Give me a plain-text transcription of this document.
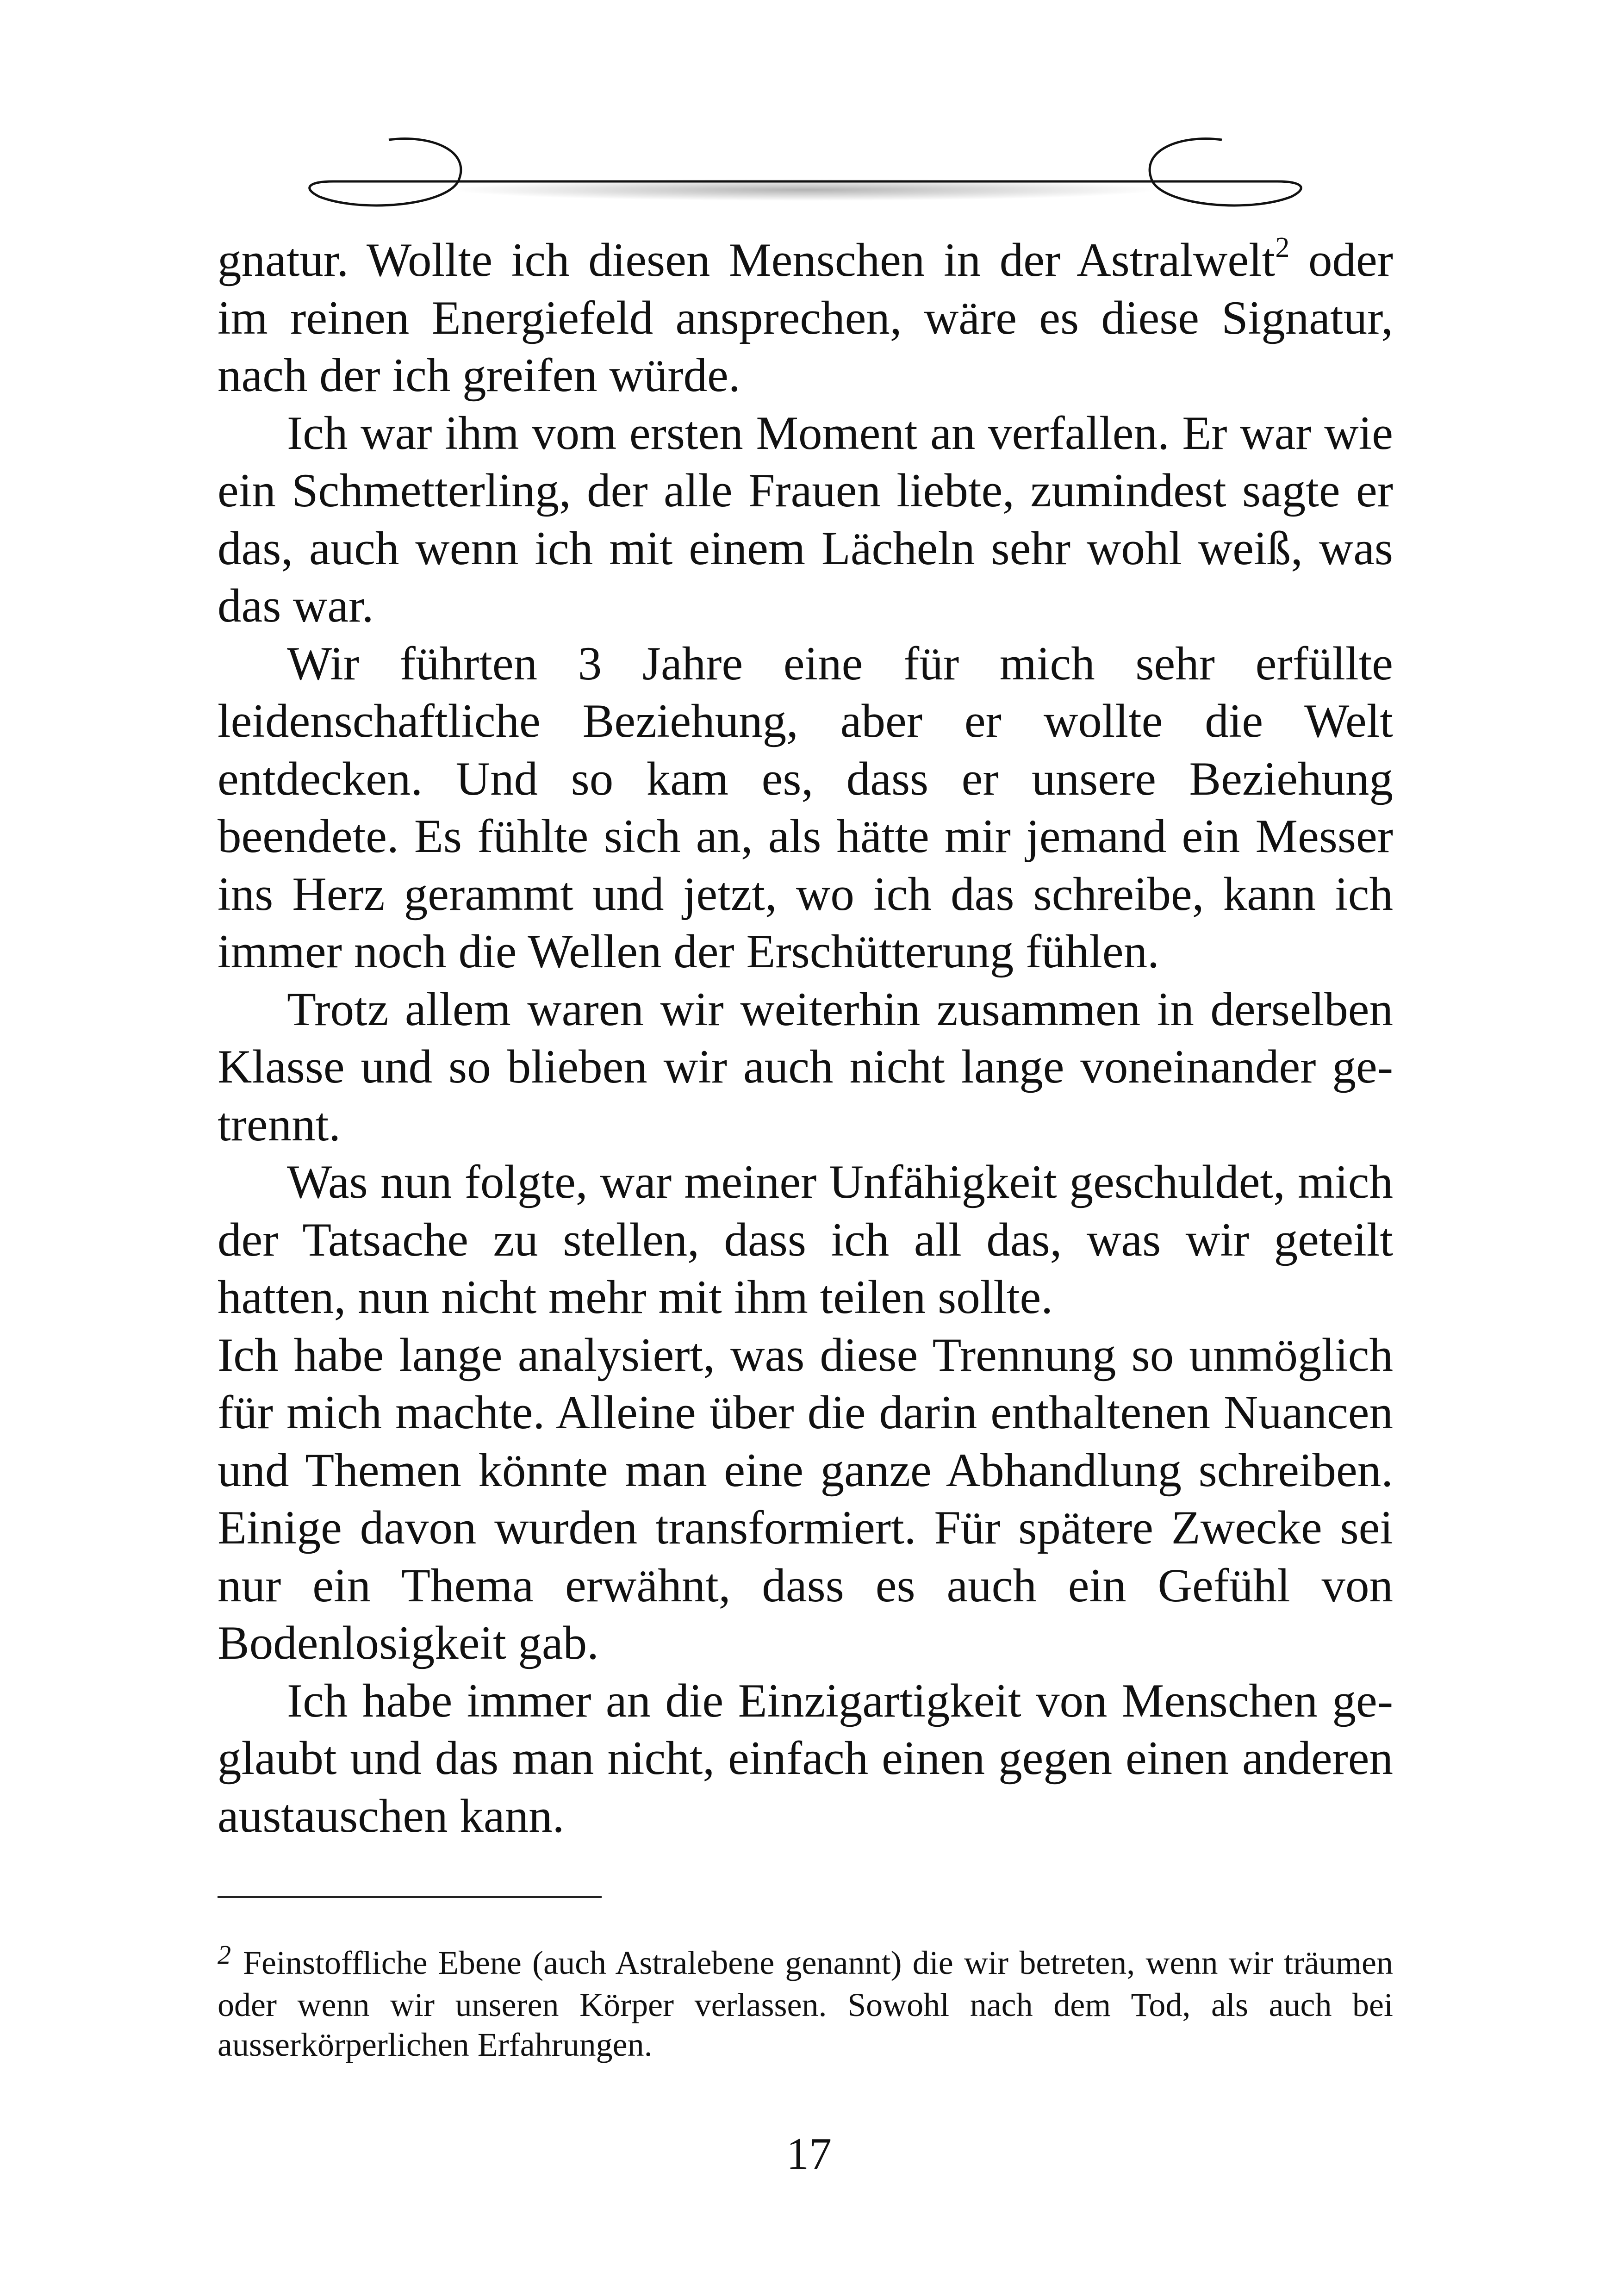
gnatur. Wollte ich diesen Menschen in der Astralwelt$^2$ oder im reinen Energiefeld ansprechen, wäre es diese Signatur, nach der ich greifen würde.

Ich war ihm vom ersten Moment an verfallen. Er war wie ein Schmetterling, der alle Frauen liebte, zumindest sagte er das, auch wenn ich mit einem Lächeln sehr wohl weiß, was das war.

Wir führten 3 Jahre eine für mich sehr erfüllte leidenschaftliche Beziehung, aber er wollte die Welt entdecken. Und so kam es, dass er unsere Beziehung beendete. Es fühlte sich an, als hätte mir jemand ein Messer ins Herz gerammt und jetzt, wo ich das schreibe, kann ich immer noch die Wellen der Erschütterung fühlen.

Trotz allem waren wir weiterhin zusammen in derselben Klasse und so blieben wir auch nicht lange voneinander getrennt.

Was nun folgte, war meiner Unfähigkeit geschuldet, mich der Tatsache zu stellen, dass ich all das, was wir geteilt hatten, nun nicht mehr mit ihm teilen sollte.

Ich habe lange analysiert, was diese Trennung so unmöglich für mich machte. Alleine über die darin enthaltenen Nuancen und Themen könnte man eine ganze Abhandlung schreiben. Einige davon wurden transformiert. Für spätere Zwecke sei nur ein Thema erwähnt, dass es auch ein Gefühl von Bodenlosigkeit gab.

Ich habe immer an die Einzigartigkeit von Menschen geglaubt und das man nicht, einfach einen gegen einen anderen austauschen kann.

$^2$ Feinstoffliche Ebene (auch Astralebene genannt) die wir betreten, wenn wir träumen oder wenn wir unseren Körper verlassen. Sowohl nach dem Tod, als auch bei ausserkörperlichen Erfahrungen.
17
